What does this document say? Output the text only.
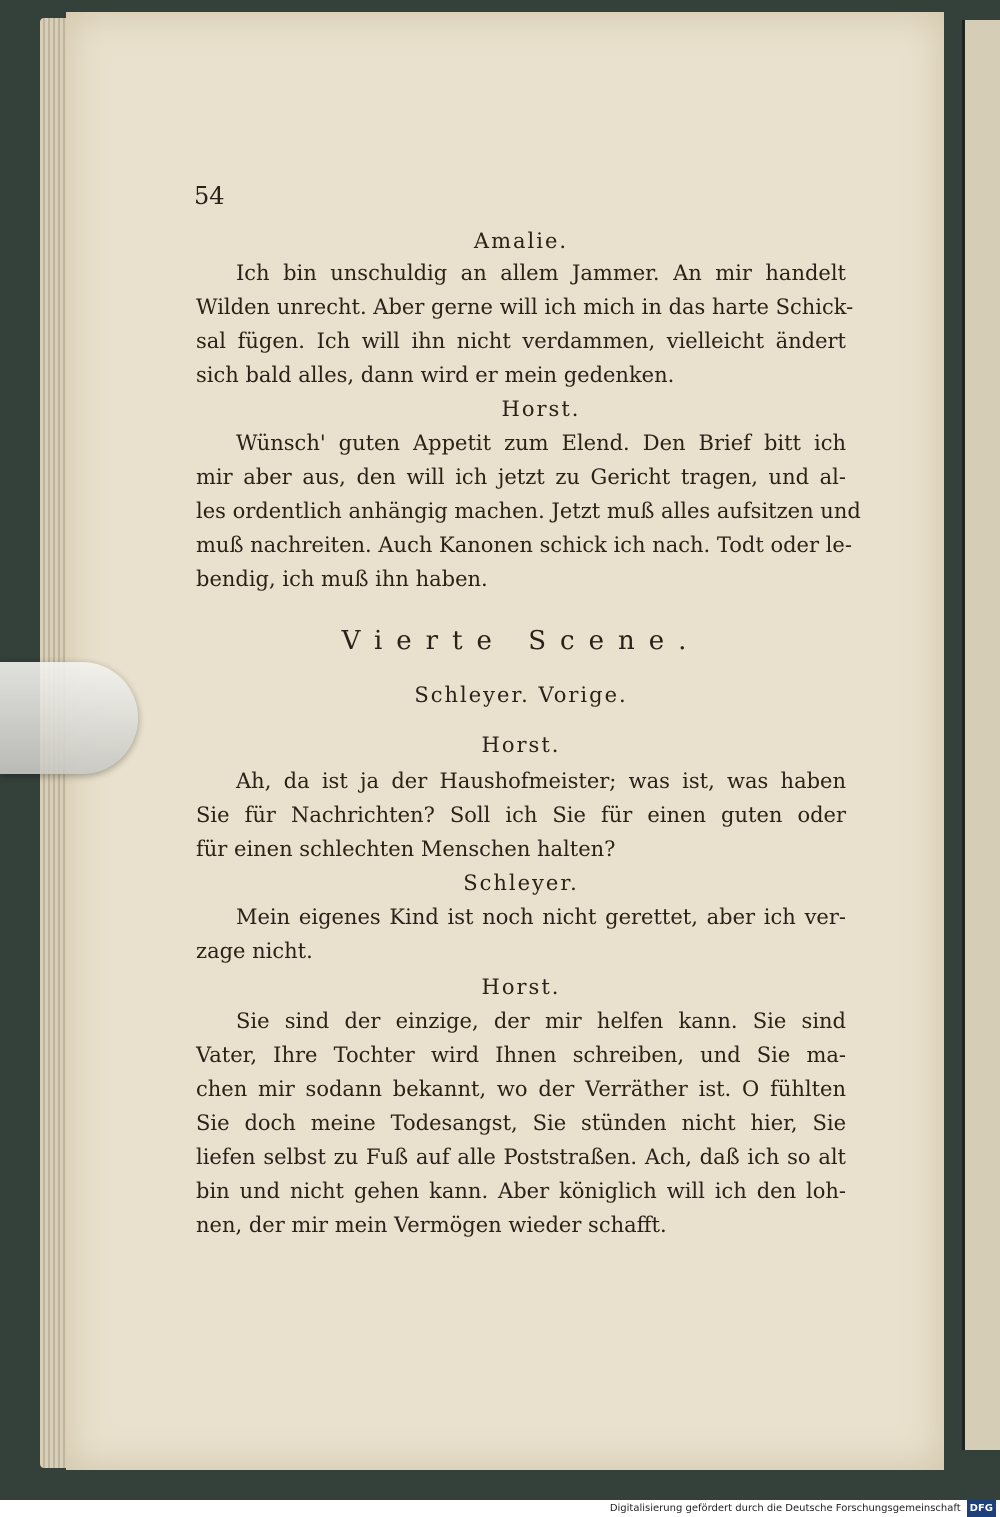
54
Amalie.
Ich bin unschuldig an allem Jammer. An mir handelt
Wilden unrecht. Aber gerne will ich mich in das harte Schick-
sal fügen. Ich will ihn nicht verdammen, vielleicht ändert
sich bald alles, dann wird er mein gedenken.
Horst.
Wünsch' guten Appetit zum Elend. Den Brief bitt ich
mir aber aus, den will ich jetzt zu Gericht tragen, und al-
les ordentlich anhängig machen. Jetzt muß alles aufsitzen und
muß nachreiten. Auch Kanonen schick ich nach. Todt oder le-
bendig, ich muß ihn haben.
Vierte Scene.
Schleyer. Vorige.
Horst.
Ah, da ist ja der Haushofmeister; was ist, was haben
Sie für Nachrichten? Soll ich Sie für einen guten oder
für einen schlechten Menschen halten?
Schleyer.
Mein eigenes Kind ist noch nicht gerettet, aber ich ver-
zage nicht.
Horst.
Sie sind der einzige, der mir helfen kann. Sie sind
Vater, Ihre Tochter wird Ihnen schreiben, und Sie ma-
chen mir sodann bekannt, wo der Verräther ist. O fühlten
Sie doch meine Todesangst, Sie stünden nicht hier, Sie
liefen selbst zu Fuß auf alle Poststraßen. Ach, daß ich so alt
bin und nicht gehen kann. Aber königlich will ich den loh-
nen, der mir mein Vermögen wieder schafft.
Digitalisierung gefördert durch die Deutsche Forschungsgemeinschaft DFG
